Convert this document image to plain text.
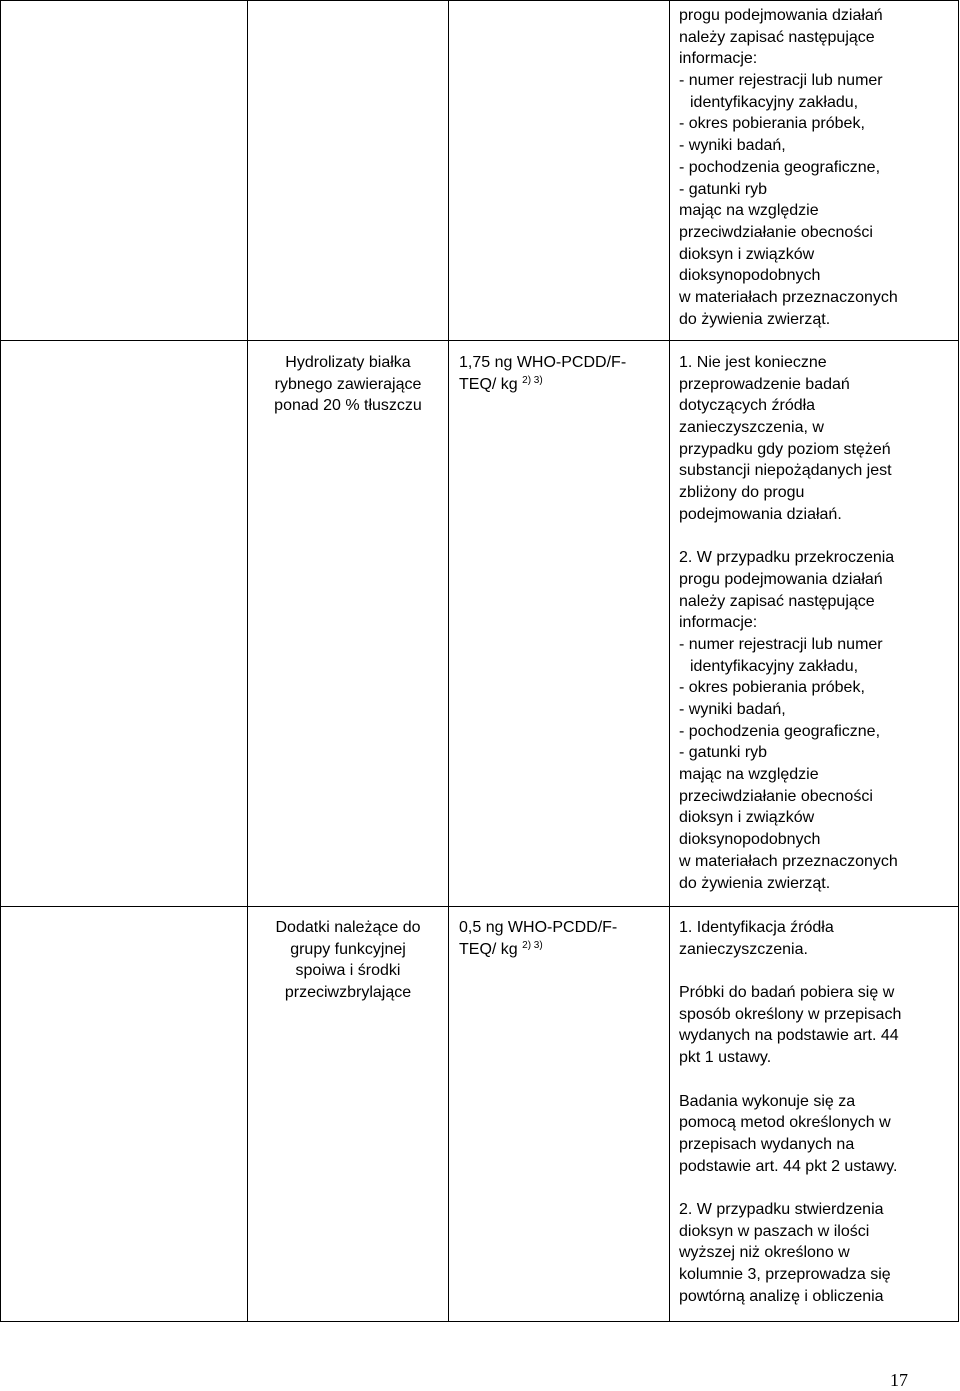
progu podejmowania działań
należy zapisać następujące
informacje:
- numer rejestracji lub numer
identyfikacyjny zakładu,
- okres pobierania próbek,
- wyniki badań,
- pochodzenia geograficzne,
- gatunki ryb
mając na względzie
przeciwdziałanie obecności
dioksyn i związków
dioksynopodobnych
w materiałach przeznaczonych
do żywienia zwierząt.
Hydrolizaty białka
rybnego zawierające
ponad 20 % tłuszczu
1,75 ng WHO-PCDD/F-
TEQ/ kg $^{2) 3)}$
1. Nie jest konieczne
przeprowadzenie badań
dotyczących źródła
zanieczyszczenia, w
przypadku gdy poziom stężeń
substancji niepożądanych jest
zbliżony do progu
podejmowania działań.
2. W przypadku przekroczenia
progu podejmowania działań
należy zapisać następujące
informacje:
- numer rejestracji lub numer
identyfikacyjny zakładu,
- okres pobierania próbek,
- wyniki badań,
- pochodzenia geograficzne,
- gatunki ryb
mając na względzie
przeciwdziałanie obecności
dioksyn i związków
dioksynopodobnych
w materiałach przeznaczonych
do żywienia zwierząt.
Dodatki należące do
grupy funkcyjnej
spoiwa i środki
przeciwzbrylające
0,5 ng WHO-PCDD/F-
TEQ/ kg $^{2) 3)}$
1. Identyfikacja źródła
zanieczyszczenia.
Próbki do badań pobiera się w
sposób określony w przepisach
wydanych na podstawie art. 44
pkt 1 ustawy.
Badania wykonuje się za
pomocą metod określonych w
przepisach wydanych na
podstawie art. 44 pkt 2 ustawy.
2. W przypadku stwierdzenia
dioksyn w paszach w ilości
wyższej niż określono w
kolumnie 3, przeprowadza się
powtórną analizę i obliczenia
17
